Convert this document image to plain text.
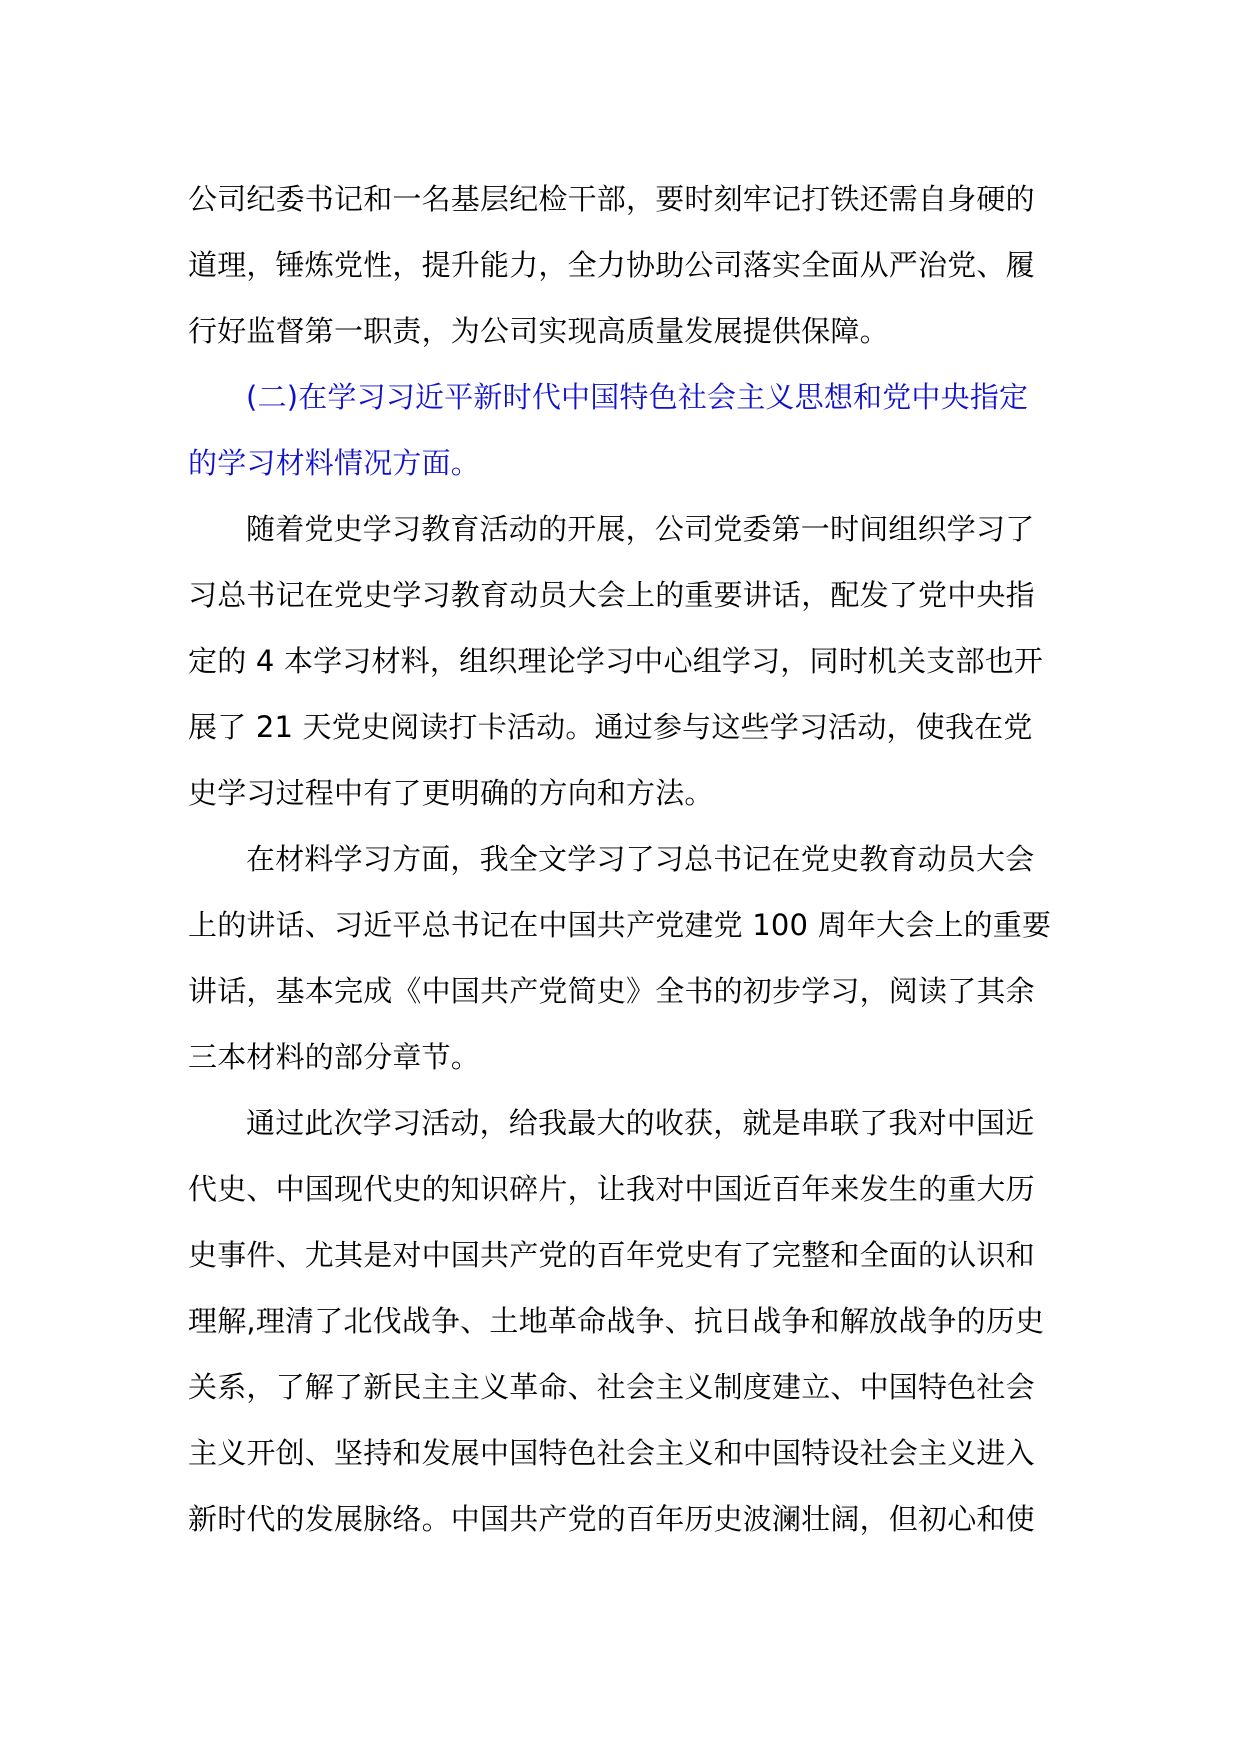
公司纪委书记和一名基层纪检干部，要时刻牢记打铁还需自身硬的
道理，锤炼党性，提升能力，全力协助公司落实全面从严治党、履
行好监督第一职责，为公司实现高质量发展提供保障。
(二)在学习习近平新时代中国特色社会主义思想和党中央指定
的学习材料情况方面。
随着党史学习教育活动的开展，公司党委第一时间组织学习了
习总书记在党史学习教育动员大会上的重要讲话，配发了党中央指
定的 4 本学习材料，组织理论学习中心组学习，同时机关支部也开
展了 21 天党史阅读打卡活动。通过参与这些学习活动，使我在党
史学习过程中有了更明确的方向和方法。
在材料学习方面，我全文学习了习总书记在党史教育动员大会
上的讲话、习近平总书记在中国共产党建党 100 周年大会上的重要
讲话，基本完成《中国共产党简史》全书的初步学习，阅读了其余
三本材料的部分章节。
通过此次学习活动，给我最大的收获，就是串联了我对中国近
代史、中国现代史的知识碎片，让我对中国近百年来发生的重大历
史事件、尤其是对中国共产党的百年党史有了完整和全面的认识和
理解,理清了北伐战争、土地革命战争、抗日战争和解放战争的历史
关系，了解了新民主主义革命、社会主义制度建立、中国特色社会
主义开创、坚持和发展中国特色社会主义和中国特设社会主义进入
新时代的发展脉络。中国共产党的百年历史波澜壮阔，但初心和使
